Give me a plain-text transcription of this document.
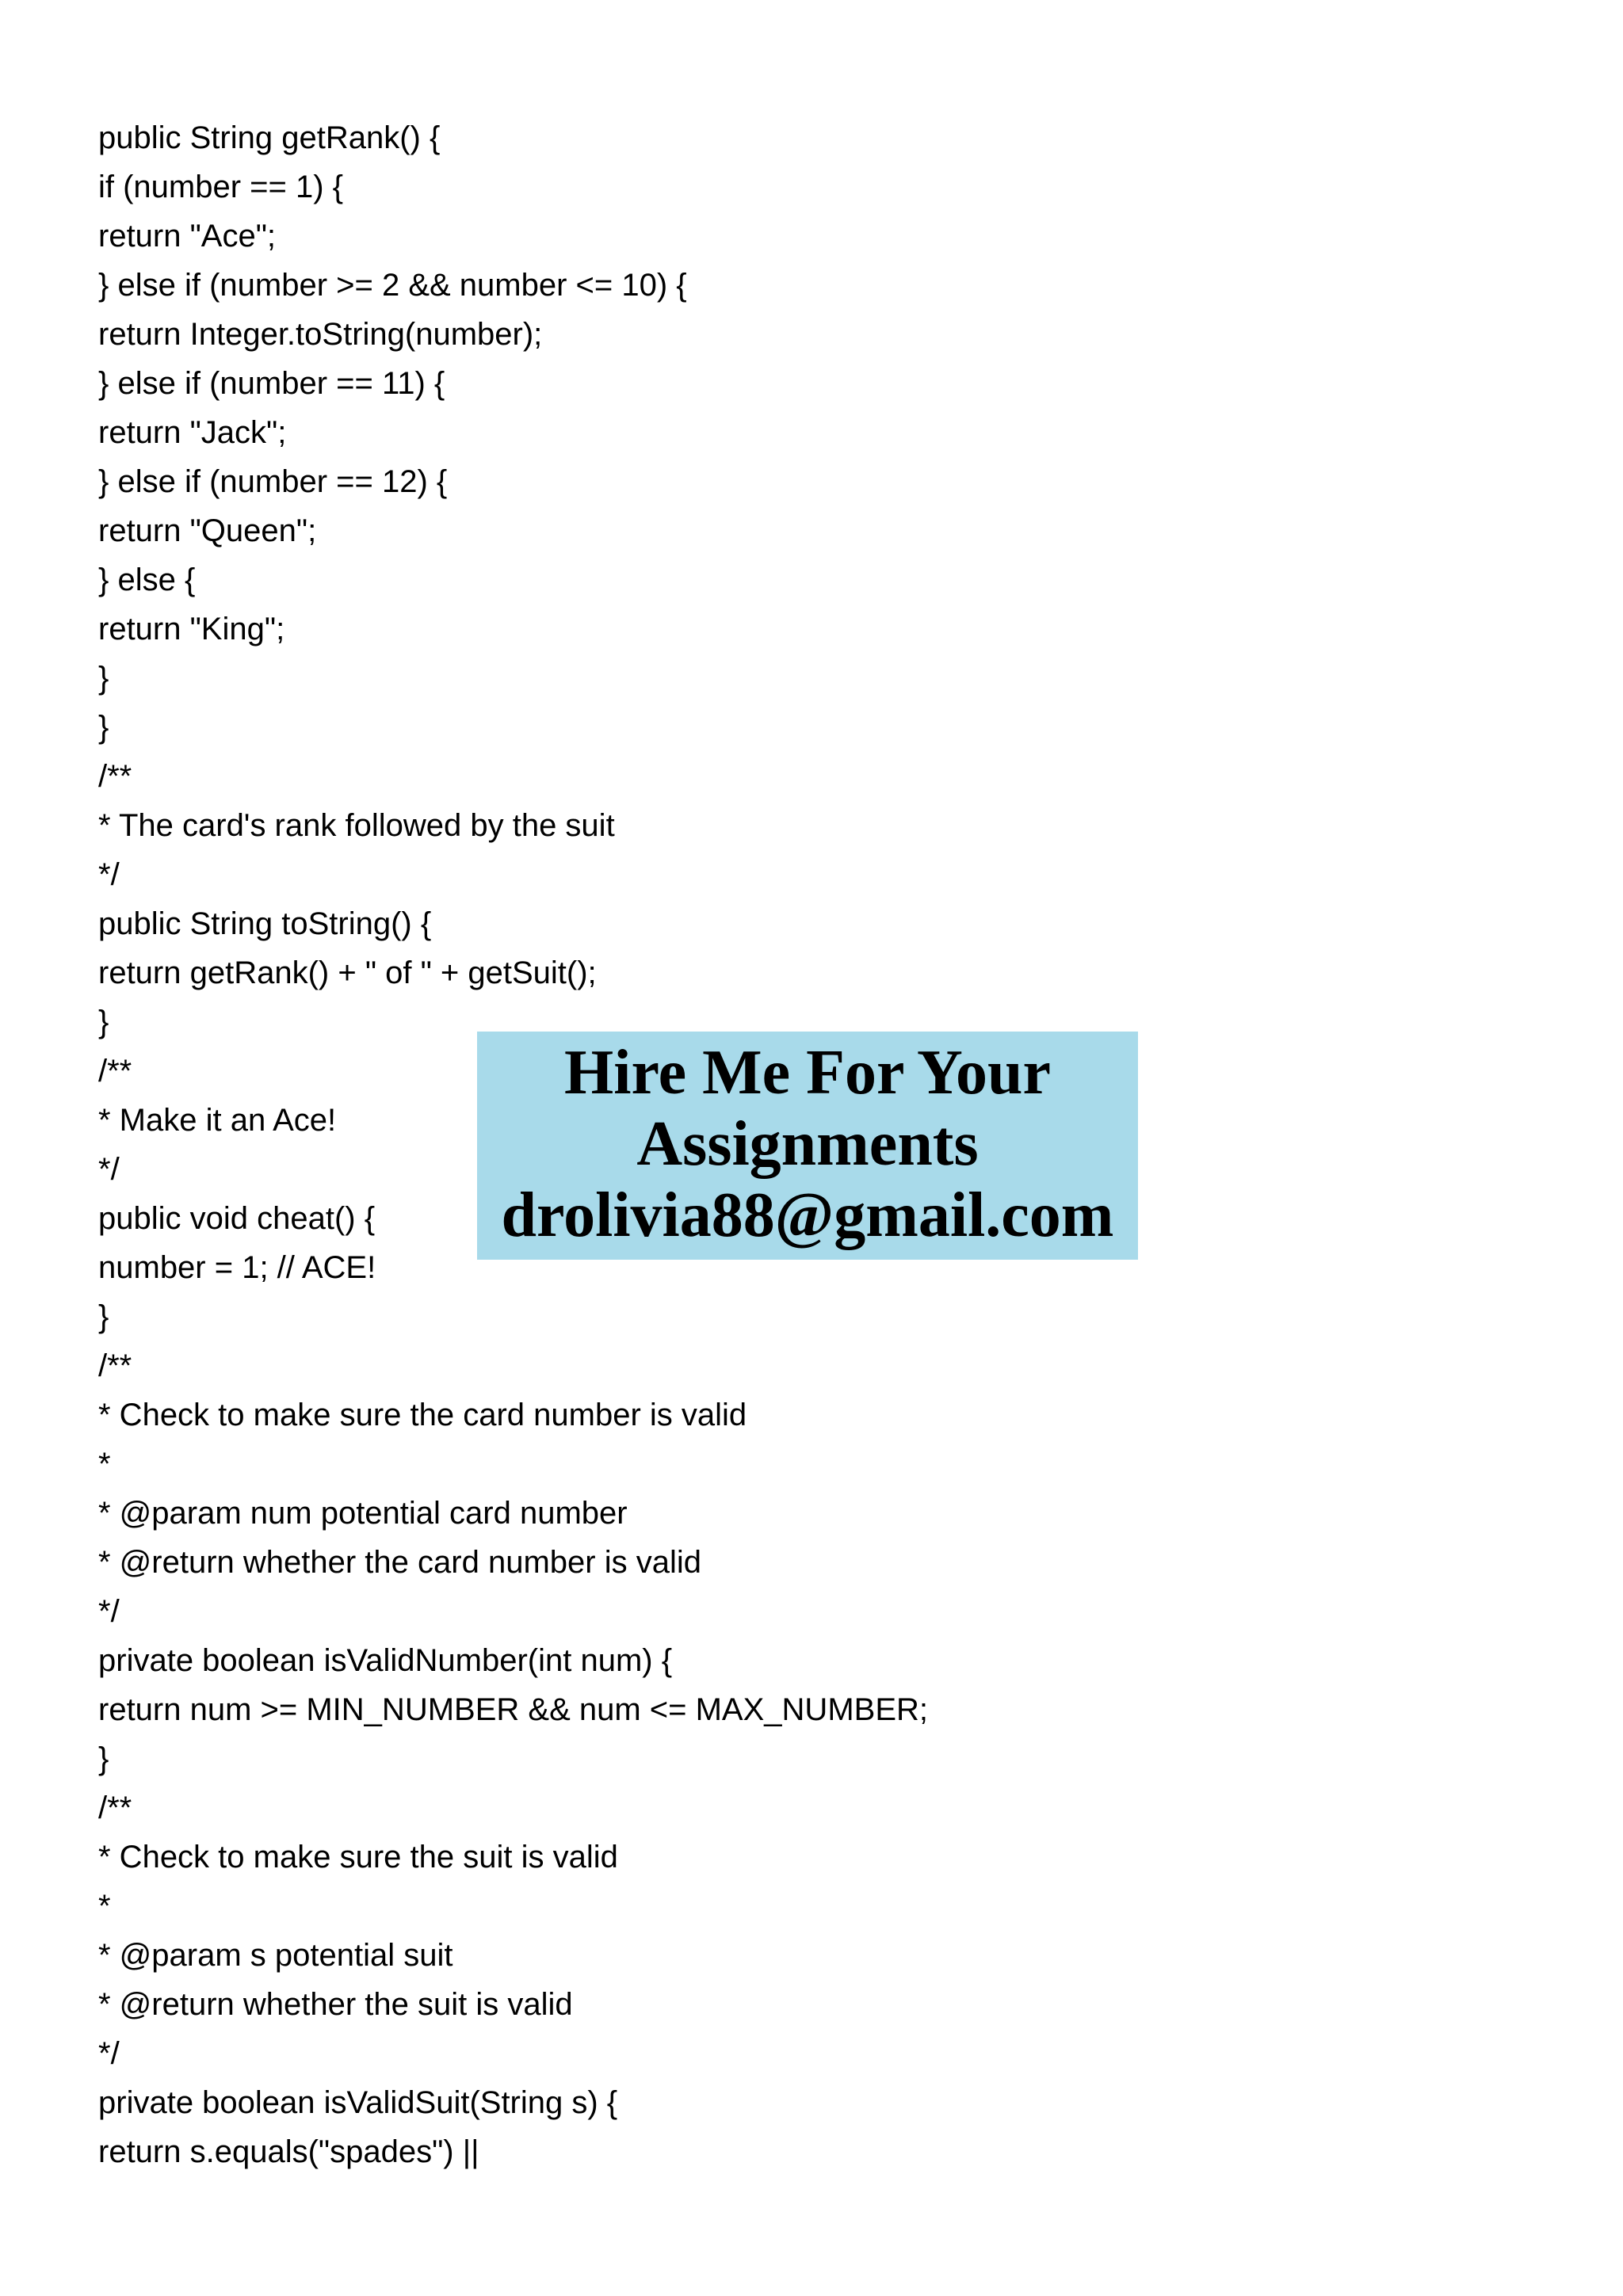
public String getRank() {
if (number == 1) {
return "Ace";
} else if (number >= 2 && number <= 10) {
return Integer.toString(number);
} else if (number == 11) {
return "Jack";
} else if (number == 12) {
return "Queen";
} else {
return "King";
}
}
/**
* The card's rank followed by the suit
*/
public String toString() {
return getRank() + " of " + getSuit();
}
/**
* Make it an Ace!
*/
public void cheat() {
number = 1; // ACE!
}
/**
* Check to make sure the card number is valid
*
* @param num potential card number
* @return whether the card number is valid
*/
private boolean isValidNumber(int num) {
return num >= MIN_NUMBER && num <= MAX_NUMBER;
}
/**
* Check to make sure the suit is valid
*
* @param s potential suit
* @return whether the suit is valid
*/
private boolean isValidSuit(String s) {
return s.equals("spades") ||
Hire Me For Your
Assignments
drolivia88@gmail.com
